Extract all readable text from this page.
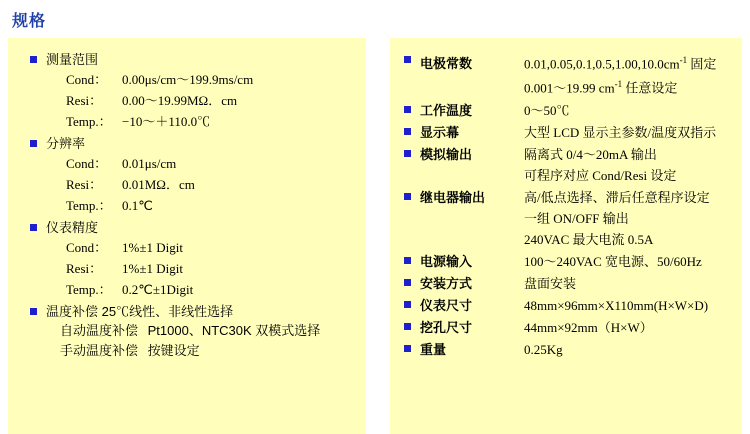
规格
测量范围
Cond：	0.00μs/cm～199.9ms/cm
Resi：	0.00～19.99MΩ．cm
Temp.： −10～＋110.0℃
分辨率
Cond：	0.01μs/cm
Resi：	0.01MΩ．cm
Temp.： 0.1℃
仪表精度
Cond：	1%±1 Digit
Resi：	1%±1 Digit
Temp.： 0.2℃±1Digit
温度补偿 25℃线性、非线性选择
自动温度补偿 Pt1000、NTC30K 双模式选择
手动温度补偿 按键设定
电极常数	$0.01,0.05,0.1,0.5,1.00,10.0cm^{-1}$ 固定
0.001～19.99 $cm^{-1}$ 任意设定
工作温度	0～50℃
显示幕	大型 LCD 显示主参数/温度双指示
模拟输出	隔离式 0/4～20mA 输出
可程序对应 Cond/Resi 设定
继电器输出	高/低点选择、滞后任意程序设定
一组 ON/OFF 输出
240VAC 最大电流 0.5A
电源输入	100～240VAC 宽电源、50/60Hz
安装方式	盘面安装
仪表尺寸	48mm×96mm×Χ110mm(H×W×D)
挖孔尺寸	44mm×92mm（H×W）
重量	0.25Kg
